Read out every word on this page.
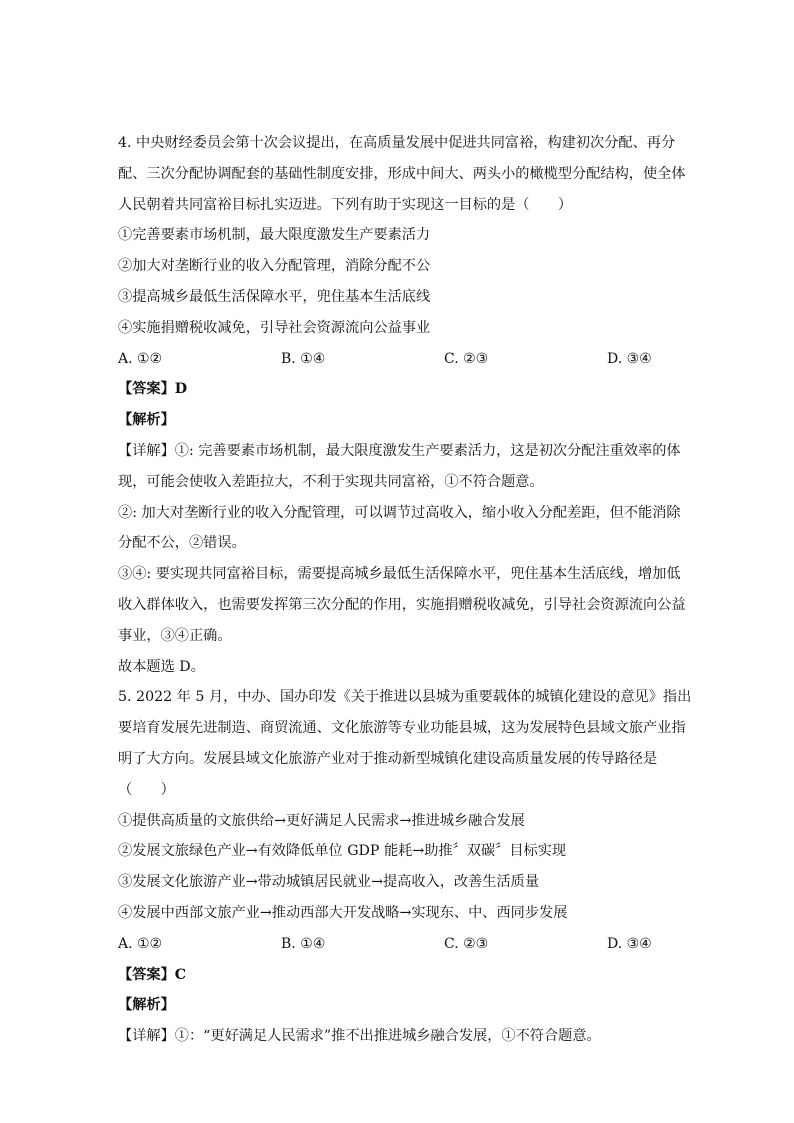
4. 中央财经委员会第十次会议提出，在高质量发展中促进共同富裕，构建初次分配、再分
配、三次分配协调配套的基础性制度安排，形成中间大、两头小的橄榄型分配结构，使全体
人民朝着共同富裕目标扎实迈进。下列有助于实现这一目标的是（　　）
①完善要素市场机制，最大限度激发生产要素活力
②加大对垄断行业的收入分配管理，消除分配不公
③提高城乡最低生活保障水平，兜住基本生活底线
④实施捐赠税收减免，引导社会资源流向公益事业
A. ①②	B. ①④	C. ②③	D. ③④
【答案】D
【解析】
【详解】①: 完善要素市场机制，最大限度激发生产要素活力，这是初次分配注重效率的体
现，可能会使收入差距拉大，不利于实现共同富裕，①不符合题意。
②: 加大对垄断行业的收入分配管理，可以调节过高收入，缩小收入分配差距，但不能消除
分配不公，②错误。
③④: 要实现共同富裕目标，需要提高城乡最低生活保障水平，兜住基本生活底线，增加低
收入群体收入，也需要发挥第三次分配的作用，实施捐赠税收减免，引导社会资源流向公益
事业，③④正确。
故本题选 D。
5. 2022 年 5 月，中办、国办印发《关于推进以县城为重要载体的城镇化建设的意见》指出
要培育发展先进制造、商贸流通、文化旅游等专业功能县城，这为发展特色县域文旅产业指
明了大方向。发展县域文化旅游产业对于推动新型城镇化建设高质量发展的传导路径是
（　　）
①提供高质量的文旅供给→更好满足人民需求→推进城乡融合发展
②发展文旅绿色产业→有效降低单位 GDP 能耗→助推〞双碳〞目标实现
③发展文化旅游产业→带动城镇居民就业→提高收入，改善生活质量
④发展中西部文旅产业→推动西部大开发战略→实现东、中、西同步发展
A. ①②	B. ①④	C. ②③	D. ③④
【答案】C
【解析】
【详解】①：“更好满足人民需求”推不出推进城乡融合发展，①不符合题意。
